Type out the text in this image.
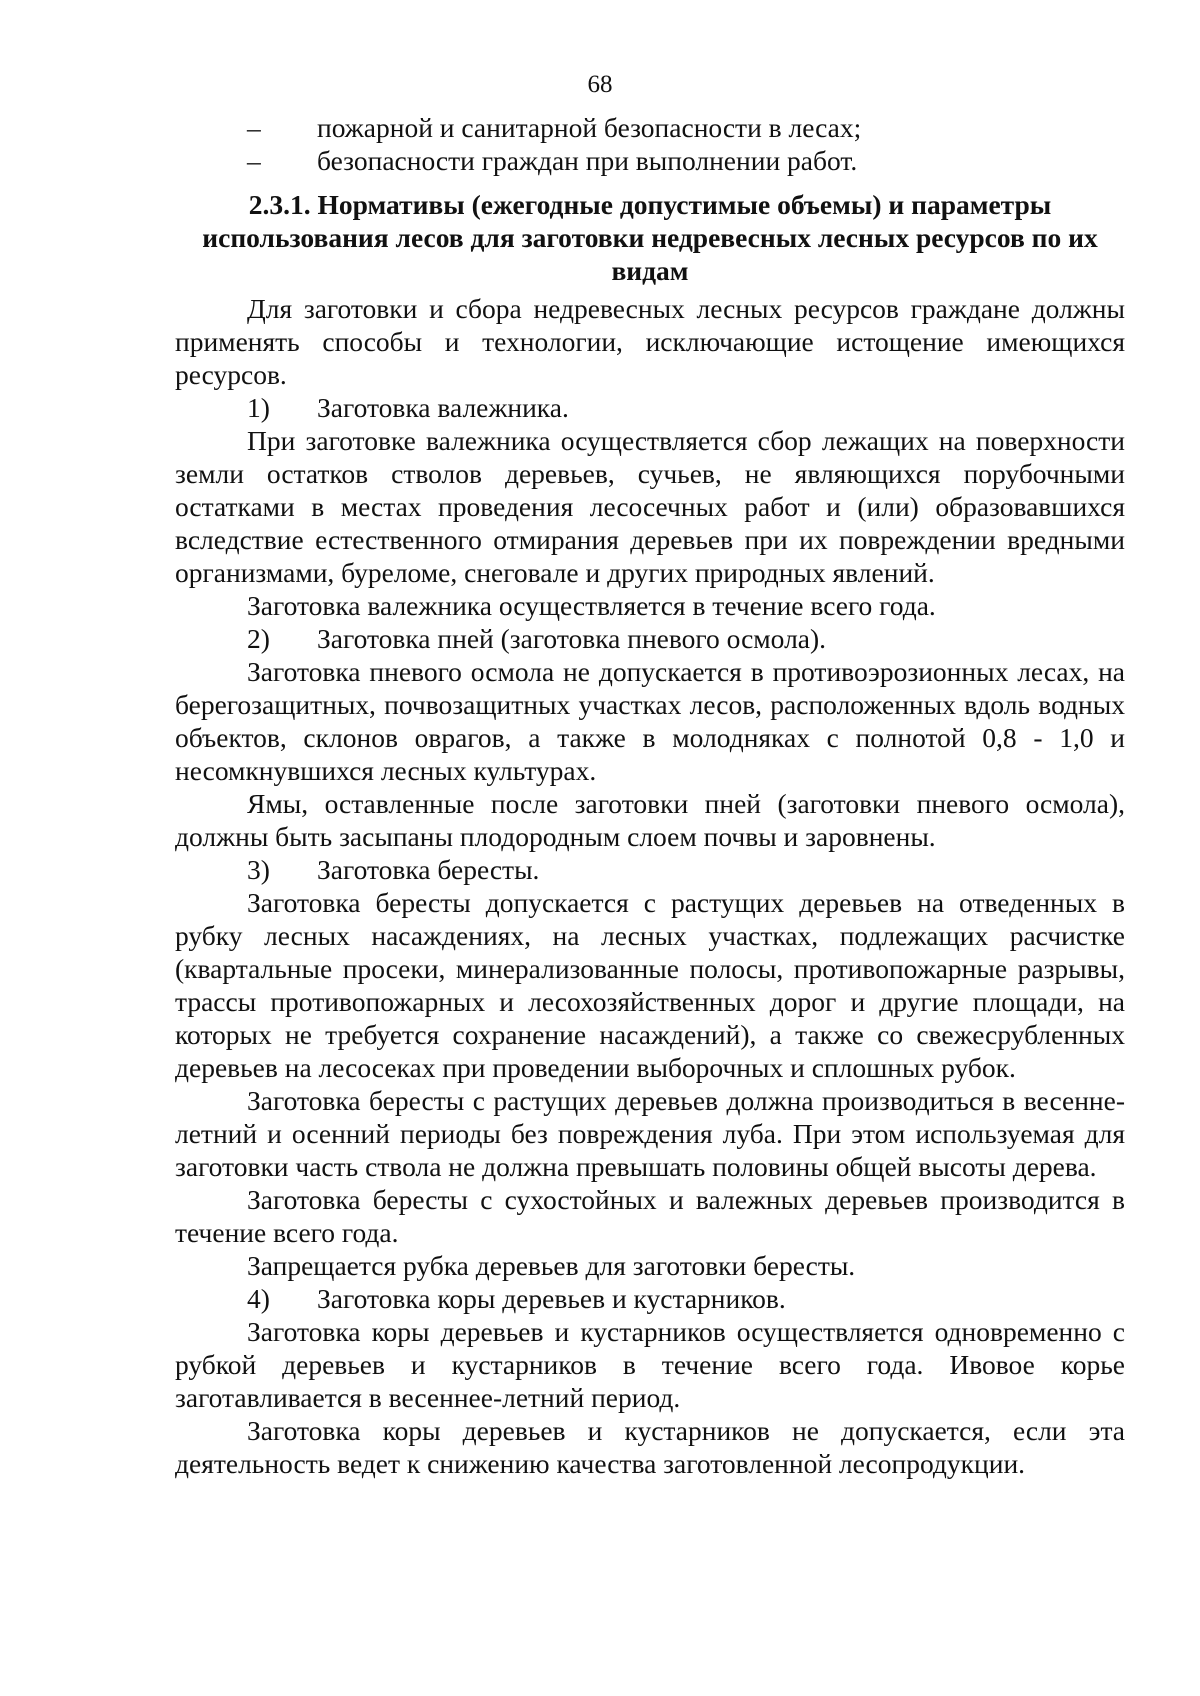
68
–	пожарной и санитарной безопасности в лесах;
–	безопасности граждан при выполнении работ.
2.3.1. Нормативы (ежегодные допустимые объемы) и параметры использования лесов для заготовки недревесных лесных ресурсов по их видам

Для заготовки и сбора недревесных лесных ресурсов граждане должны применять способы и технологии, исключающие истощение имеющихся ресурсов.

1)	Заготовка валежника.

При заготовке валежника осуществляется сбор лежащих на поверхности земли остатков стволов деревьев, сучьев, не являющихся порубочными остатками в местах проведения лесосечных работ и (или) образовавшихся вследствие естественного отмирания деревьев при их повреждении вредными организмами, буреломе, снеговале и других природных явлений.

Заготовка валежника осуществляется в течение всего года.

2)	Заготовка пней (заготовка пневого осмола).

Заготовка пневого осмола не допускается в противоэрозионных лесах, на берегозащитных, почвозащитных участках лесов, расположенных вдоль водных объектов, склонов оврагов, а также в молодняках с полнотой 0,8 - 1,0 и несомкнувшихся лесных культурах.

Ямы, оставленные после заготовки пней (заготовки пневого осмола), должны быть засыпаны плодородным слоем почвы и заровнены.

3)	Заготовка бересты.

Заготовка бересты допускается с растущих деревьев на отведенных в рубку лесных насаждениях, на лесных участках, подлежащих расчистке (квартальные просеки, минерализованные полосы, противопожарные разрывы, трассы противопожарных и лесохозяйственных дорог и другие площади, на которых не требуется сохранение насаждений), а также со свежесрубленных деревьев на лесосеках при проведении выборочных и сплошных рубок.

Заготовка бересты с растущих деревьев должна производиться в весенне-летний и осенний периоды без повреждения луба. При этом используемая для заготовки часть ствола не должна превышать половины общей высоты дерева.

Заготовка бересты с сухостойных и валежных деревьев производится в течение всего года.

Запрещается рубка деревьев для заготовки бересты.

4)	Заготовка коры деревьев и кустарников.

Заготовка коры деревьев и кустарников осуществляется одновременно с рубкой деревьев и кустарников в течение всего года. Ивовое корье заготавливается в весеннее-летний период.

Заготовка коры деревьев и кустарников не допускается, если эта деятельность ведет к снижению качества заготовленной лесопродукции.
